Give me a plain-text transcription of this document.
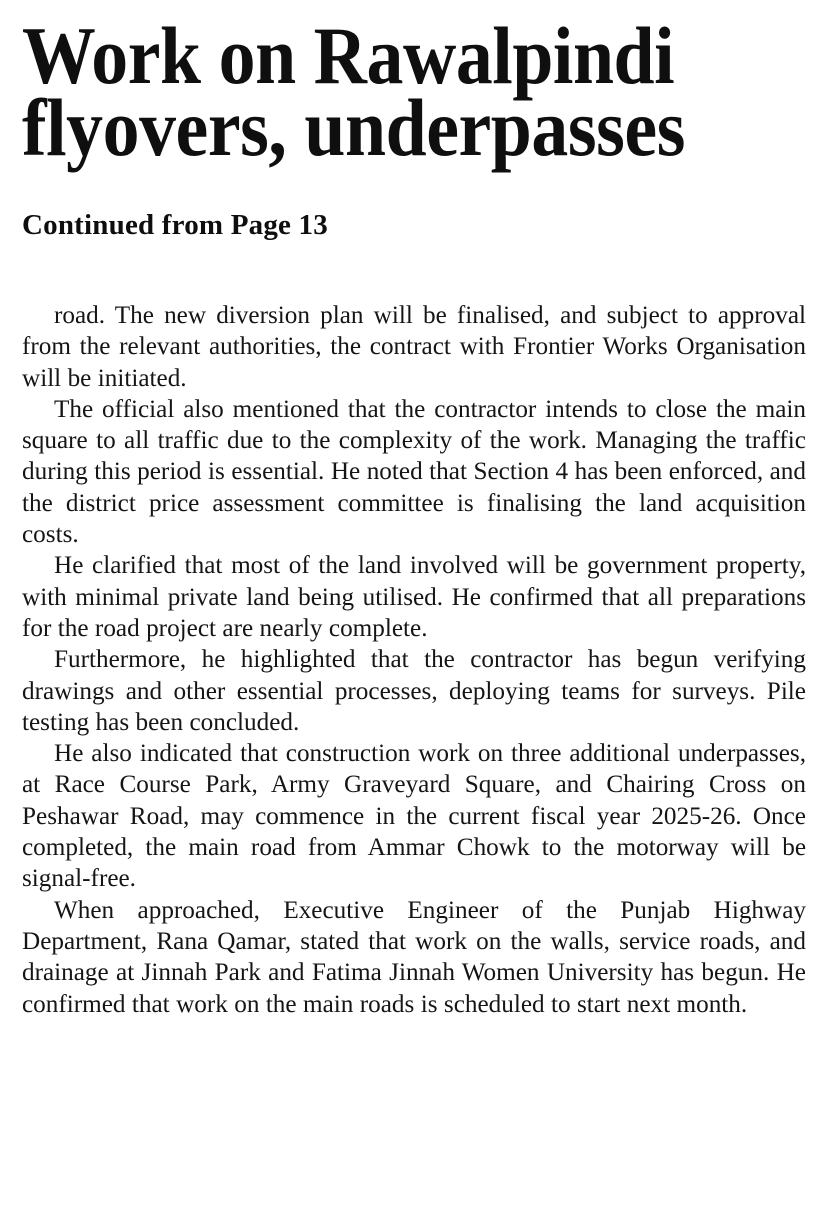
Work on Rawalpindi
flyovers, underpasses

Continued from Page 13

road. The new diversion plan will be finalised, and subject to approval from the relevant authorities, the contract with Frontier Works Organisation will be initiated.

The official also mentioned that the contractor intends to close the main square to all traffic due to the complexity of the work. Managing the traffic during this period is essential. He noted that Section 4 has been enforced, and the district price assessment committee is finalising the land acquisition costs.

He clarified that most of the land involved will be government property, with minimal private land being utilised. He confirmed that all preparations for the road project are nearly complete.

Furthermore, he highlighted that the contractor has begun verifying drawings and other essential processes, deploying teams for surveys. Pile testing has been concluded.

He also indicated that construction work on three additional underpasses, at Race Course Park, Army Graveyard Square, and Chairing Cross on Peshawar Road, may commence in the current fiscal year 2025-26. Once completed, the main road from Ammar Chowk to the motorway will be signal-free.

When approached, Executive Engineer of the Punjab Highway Department, Rana Qamar, stated that work on the walls, service roads, and drainage at Jinnah Park and Fatima Jinnah Women University has begun. He confirmed that work on the main roads is scheduled to start next month.
